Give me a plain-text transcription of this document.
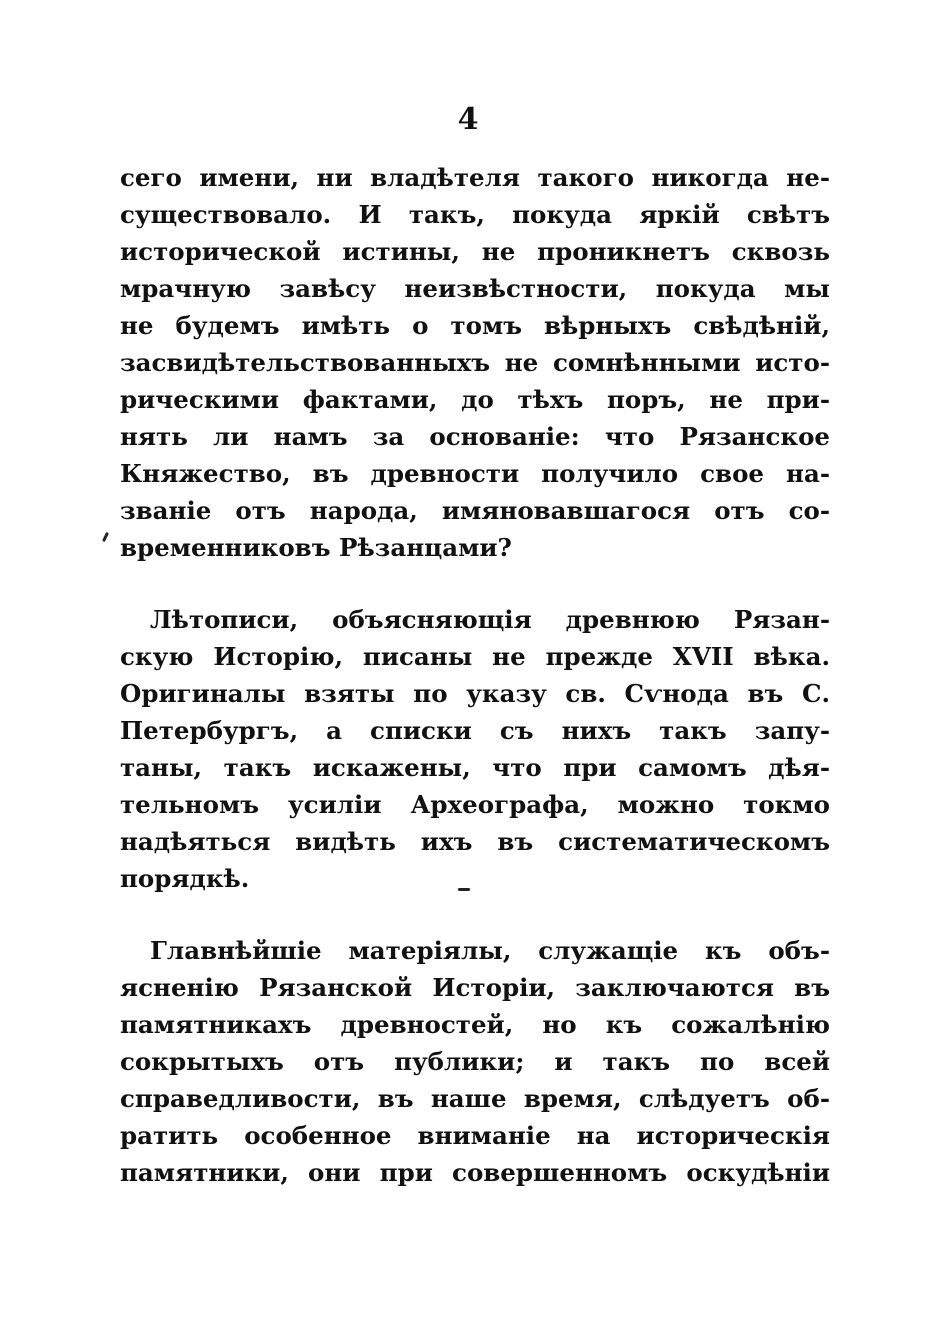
4
сего имени, ни владѣтеля такого никогда не-
существовало. И такъ, покуда яркій свѣтъ
исторической истины, не проникнетъ сквозь
мрачную завѣсу неизвѣстности, покуда мы
не будемъ имѣть о томъ вѣрныхъ свѣдѣній,
засвидѣтельствованныхъ не сомнѣнными исто-
рическими фактами, до тѣхъ поръ, не при-
нять ли намъ за основаніе: что Рязанское
Княжество, въ древности получило свое на-
званіе отъ народа, имяновавшагося отъ со-
временниковъ Рѣзанцами?
Лѣтописи, объясняющія древнюю Рязан-
скую Исторію, писаны не прежде XVII вѣка.
Оригиналы взяты по указу св. Сѵнода въ С.
Петербургъ, а списки съ нихъ такъ запу-
таны, такъ искажены, что при самомъ дѣя-
тельномъ усиліи Археографа, можно токмо
надѣяться видѣть ихъ въ систематическомъ
порядкѣ.
Главнѣйшіе матеріялы, служащіе къ объ-
ясненію Рязанской Исторіи, заключаются въ
памятникахъ древностей, но къ сожалѣнію
сокрытыхъ отъ публики; и такъ по всей
справедливости, въ наше время, слѣдуетъ об-
ратить особенное вниманіе на историческія
памятники, они при совершенномъ оскудѣніи
